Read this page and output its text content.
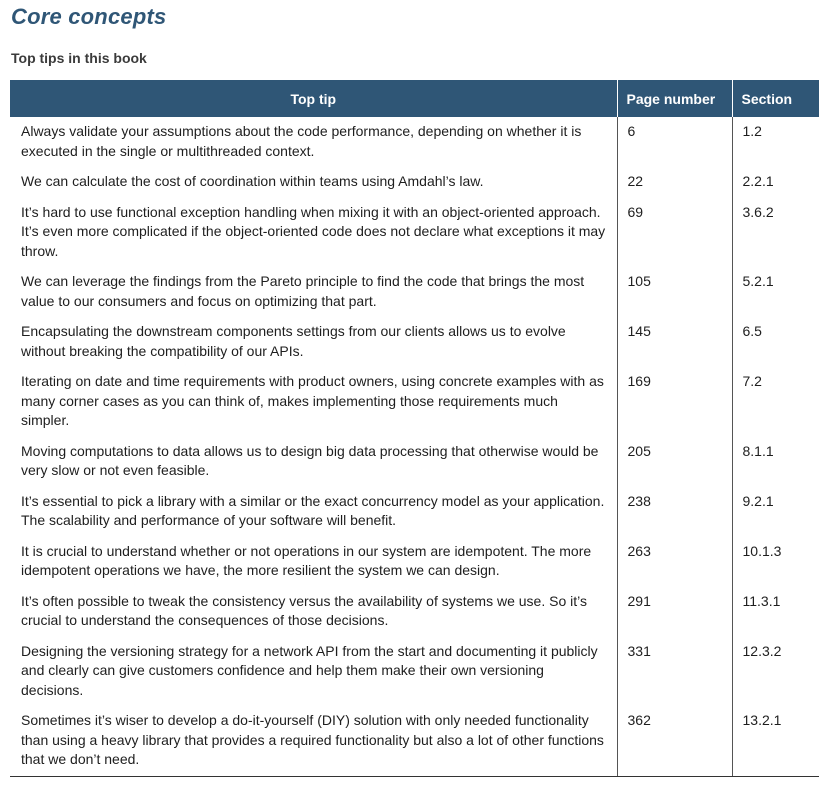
Core concepts
Top tips in this book
Top tip	Page number	Section
Always validate your assumptions about the code performance, depending on whether it is executed in the single or multithreaded context.	6	1.2
We can calculate the cost of coordination within teams using Amdahl’s law.	22	2.2.1
It’s hard to use functional exception handling when mixing it with an object-oriented approach. It’s even more complicated if the object-oriented code does not declare what exceptions it may throw.	69	3.6.2
We can leverage the findings from the Pareto principle to find the code that brings the most value to our consumers and focus on optimizing that part.	105	5.2.1
Encapsulating the downstream components settings from our clients allows us to evolve without breaking the compatibility of our APIs.	145	6.5
Iterating on date and time requirements with product owners, using concrete examples with as many corner cases as you can think of, makes implementing those requirements much simpler.	169	7.2
Moving computations to data allows us to design big data processing that otherwise would be very slow or not even feasible.	205	8.1.1
It’s essential to pick a library with a similar or the exact concurrency model as your application. The scalability and performance of your software will benefit.	238	9.2.1
It is crucial to understand whether or not operations in our system are idempotent. The more idempotent operations we have, the more resilient the system we can design.	263	10.1.3
It’s often possible to tweak the consistency versus the availability of systems we use. So it’s crucial to understand the consequences of those decisions.	291	11.3.1
Designing the versioning strategy for a network API from the start and documenting it publicly and clearly can give customers confidence and help them make their own versioning decisions.	331	12.3.2
Sometimes it’s wiser to develop a do-it-yourself (DIY) solution with only needed functionality than using a heavy library that provides a required functionality but also a lot of other functions that we don’t need.	362	13.2.1
